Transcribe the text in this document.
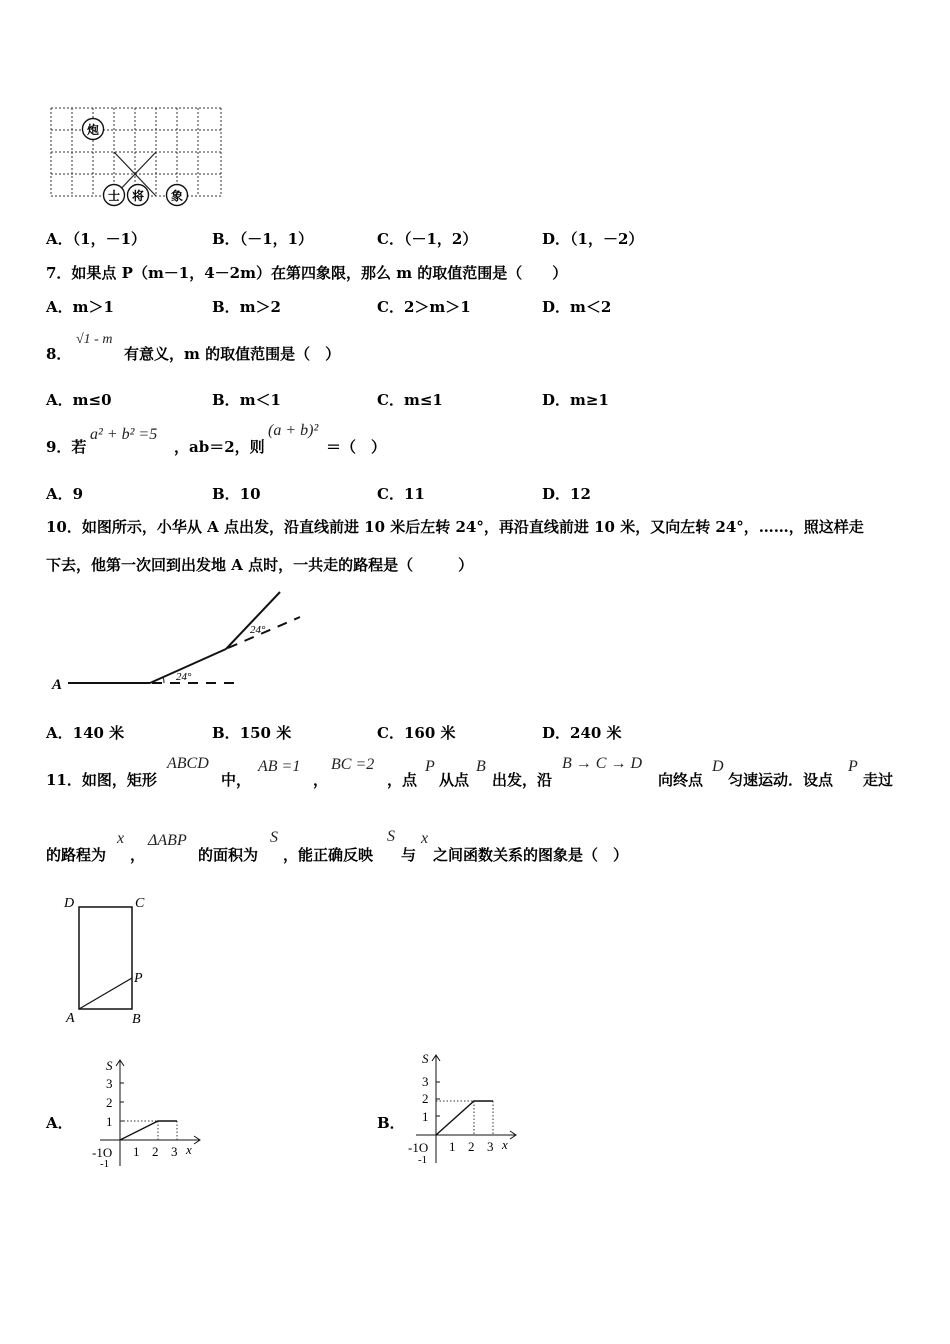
炮
士 将 象
A．（1，－1）	B．（－1，1）	C．（－1，2）	D．（1，－2）
7．如果点 P（m－1，4－2m）在第四象限，那么 m 的取值范围是（　　）
A．m＞1	B．m＞2	C．2＞m＞1	D．m＜2
8．
√1 - m
有意义，m 的取值范围是（　）
A．m≤0	B．m＜1	C．m≤1	D．m≥1
9．若
a² + b² =5
，ab＝2，则
(a + b)²
＝（　）
A．9	B．10	C．11	D．12
10．如图所示，小华从 A 点出发，沿直线前进 10 米后左转 24°，再沿直线前进 10 米，又向左转 24°，……，照这样走
下去，他第一次回到出发地 A 点时，一共走的路程是（　　　）
A	24°
24°
A．140 米	B．150 米	C．160 米	D．240 米
11．如图，矩形
ABCD
中，
AB =1
，
BC =2
，点
P
从点
B
出发，沿
B → C → D
向终点
D
匀速运动．设点
P
走过
的路程为
x
，
ΔABP
的面积为
S
，能正确反映
S
与
x
之间函数关系的图象是（　）
D	C
A	B
P
A．
S
3
2
1
1 2 3 x
-1O
-1
B．
S
3
2
1
1 2 3 x
-1O
-1
